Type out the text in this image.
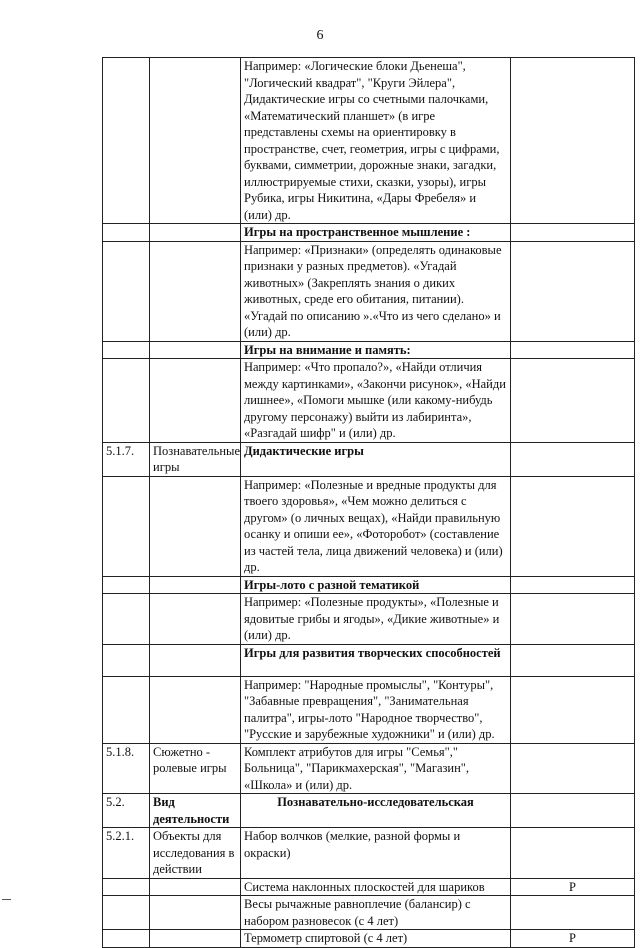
6
		Например: «Логические блоки Дьенеша", "Логический квадрат", "Круги Эйлера", Дидактические игры со счетными палочками, «Математический планшет» (в игре представлены схемы на ориентировку в пространстве, счет, геометрия, игры с цифрами, буквами, симметрии, дорожные знаки, загадки, иллюстрируемые стихи, сказки, узоры), игры Рубика, игры Никитина, «Дары Фребеля» и (или) др.	
		Игры на пространственное мышление :	
		Например: «Признаки» (определять одинаковые признаки у разных предметов). «Угадай животных» (Закреплять знания о диких животных, среде его обитания, питании). «Угадай по описанию ».«Что из чего сделано» и (или) др.	
		Игры на внимание и память:	
		Например: «Что пропало?», «Найди отличия между картинками», «Закончи рисунок», «Найди лишнее», «Помоги мышке (или какому-нибудь другому персонажу) выйти из лабиринта», «Разгадай шифр" и (или) др.	
5.1.7.	Познавательные игры	Дидактические игры	
		Например: «Полезные и вредные продукты для твоего здоровья», «Чем можно делиться с другом» (о личных вещах), «Найди правильную осанку и опиши ее», «Фоторобот» (составление из частей тела, лица движений человека) и (или) др.	
		Игры-лото с разной тематикой	
		Например: «Полезные продукты», «Полезные и ядовитые грибы и ягоды», «Дикие животные» и (или) др.	
		Игры для развития творческих способностей	
		Например: "Народные промыслы", "Контуры", "Забавные превращения", "Занимательная палитра", игры-лото "Народное творчество", "Русские и зарубежные художники" и (или) др.	
5.1.8.	Сюжетно - ролевые игры	Комплект атрибутов для игры "Семья"," Больница", "Парикмахерская", "Магазин", «Школа» и (или) др.	
5.2.	Вид деятельности	Познавательно-исследовательская	
5.2.1.	Объекты для исследования в действии	Набор волчков (мелкие, разной формы и окраски)	
		Система наклонных плоскостей для шариков	Р
		Весы рычажные равноплечие (балансир) с набором разновесок (с 4 лет)	
		Термометр спиртовой (с 4 лет)	Р
